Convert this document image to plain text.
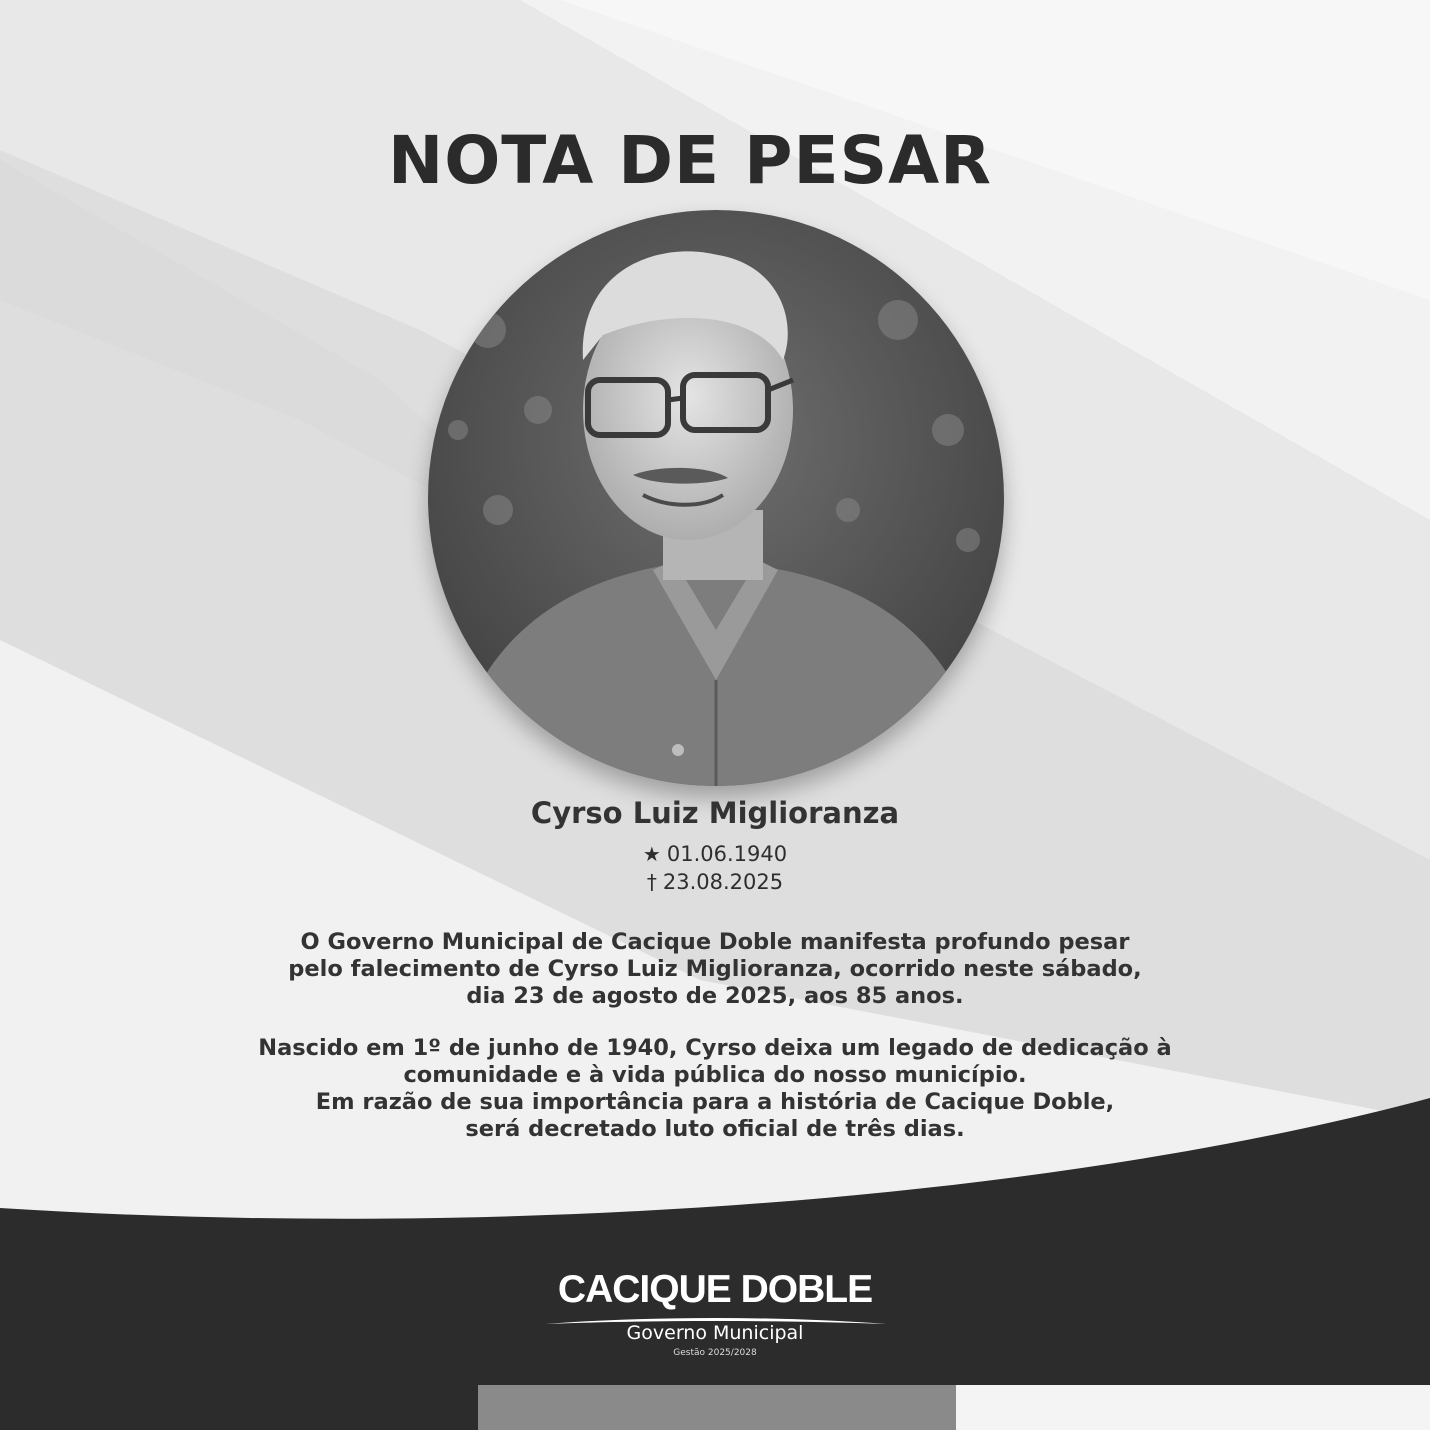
NOTA DE PESAR
Cyrso Luiz Miglioranza
★ 01.06.1940
† 23.08.2025
O Governo Municipal de Cacique Doble manifesta profundo pesar
pelo falecimento de Cyrso Luiz Miglioranza, ocorrido neste sábado,
dia 23 de agosto de 2025, aos 85 anos.
Nascido em 1º de junho de 1940, Cyrso deixa um legado de dedicação à
comunidade e à vida pública do nosso município.
Em razão de sua importância para a história de Cacique Doble,
será decretado luto oficial de três dias.
CACIQUE DOBLE
Governo Municipal
Gestão 2025/2028
